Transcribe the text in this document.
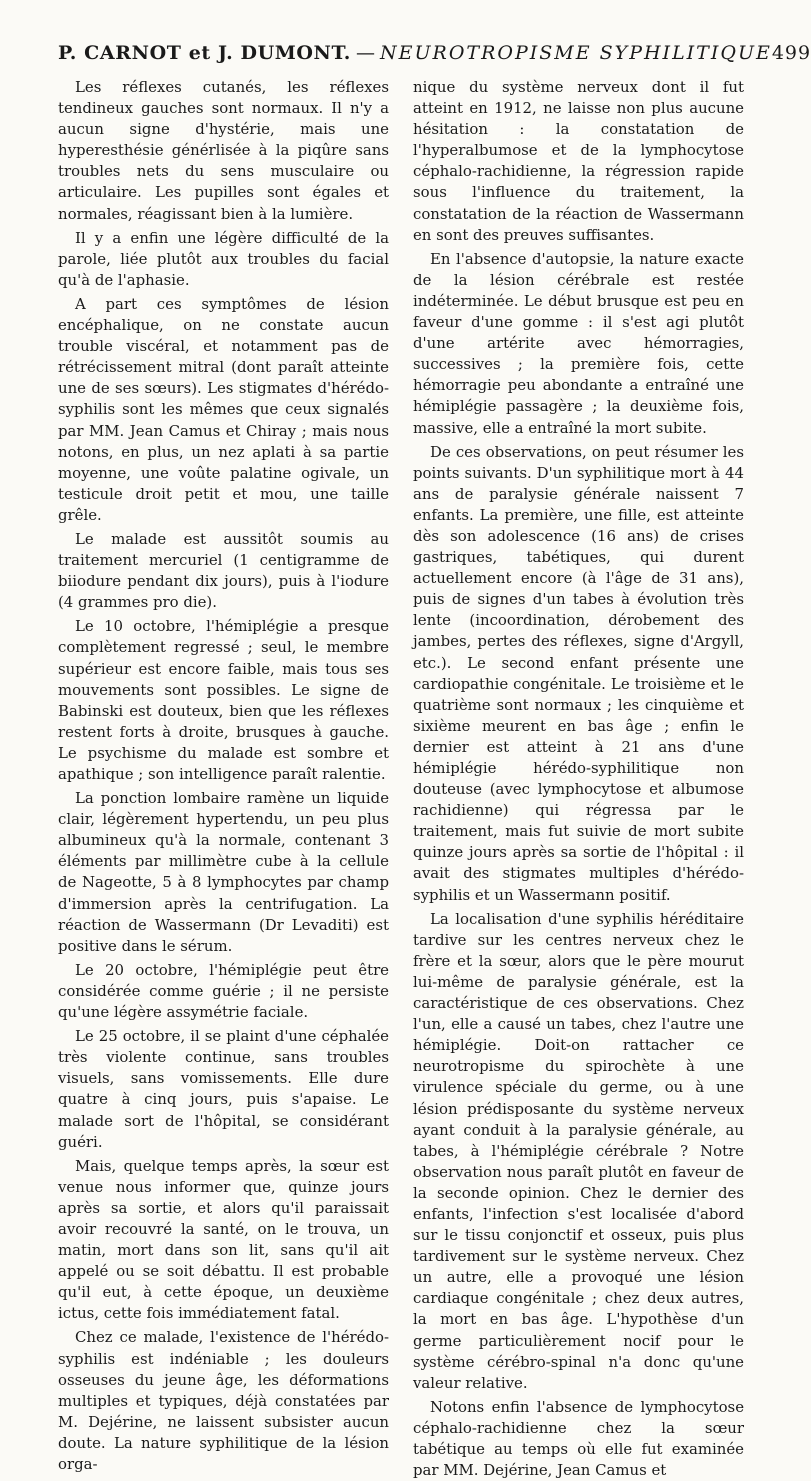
P. CARNOT et J. DUMONT. — NEUROTROPISME SYPHILITIQUE 499

Les réflexes cutanés, les réflexes tendineux gauches sont normaux. Il n'y a aucun signe d'hystérie, mais une hyperesthésie générlisée à la piqûre sans troubles nets du sens musculaire ou articulaire. Les pupilles sont égales et normales, réagissant bien à la lumière.

Il y a enfin une légère difficulté de la parole, liée plutôt aux troubles du facial qu'à de l'aphasie.

A part ces symptômes de lésion encéphalique, on ne constate aucun trouble viscéral, et notamment pas de rétrécissement mitral (dont paraît atteinte une de ses sœurs). Les stigmates d'hérédo-syphilis sont les mêmes que ceux signalés par MM. Jean Camus et Chiray ; mais nous notons, en plus, un nez aplati à sa partie moyenne, une voûte palatine ogivale, un testicule droit petit et mou, une taille grêle.

Le malade est aussitôt soumis au traitement mercuriel (1 centigramme de biiodure pendant dix jours), puis à l'iodure (4 grammes pro die).

Le 10 octobre, l'hémiplégie a presque complètement regressé ; seul, le membre supérieur est encore faible, mais tous ses mouvements sont possibles. Le signe de Babinski est douteux, bien que les réflexes restent forts à droite, brusques à gauche. Le psychisme du malade est sombre et apathique ; son intelligence paraît ralentie.

La ponction lombaire ramène un liquide clair, légèrement hypertendu, un peu plus albumineux qu'à la normale, contenant 3 éléments par millimètre cube à la cellule de Nageotte, 5 à 8 lymphocytes par champ d'immersion après la centrifugation. La réaction de Wassermann (Dr Levaditi) est positive dans le sérum.

Le 20 octobre, l'hémiplégie peut être considérée comme guérie ; il ne persiste qu'une légère assymétrie faciale.

Le 25 octobre, il se plaint d'une céphalée très violente continue, sans troubles visuels, sans vomissements. Elle dure quatre à cinq jours, puis s'apaise. Le malade sort de l'hôpital, se considérant guéri.

Mais, quelque temps après, la sœur est venue nous informer que, quinze jours après sa sortie, et alors qu'il paraissait avoir recouvré la santé, on le trouva, un matin, mort dans son lit, sans qu'il ait appelé ou se soit débattu. Il est probable qu'il eut, à cette époque, un deuxième ictus, cette fois immédiatement fatal.

Chez ce malade, l'existence de l'hérédo-syphilis est indéniable ; les douleurs osseuses du jeune âge, les déformations multiples et typiques, déjà constatées par M. Dejérine, ne laissent subsister aucun doute. La nature syphilitique de la lésion orga-

nique du système nerveux dont il fut atteint en 1912, ne laisse non plus aucune hésitation : la constatation de l'hyperalbumose et de la lymphocytose céphalo-rachidienne, la régression rapide sous l'influence du traitement, la constatation de la réaction de Wassermann en sont des preuves suffisantes.

En l'absence d'autopsie, la nature exacte de la lésion cérébrale est restée indéterminée. Le début brusque est peu en faveur d'une gomme : il s'est agi plutôt d'une artérite avec hémorragies, successives ; la première fois, cette hémorragie peu abondante a entraîné une hémiplégie passagère ; la deuxième fois, massive, elle a entraîné la mort subite.

De ces observations, on peut résumer les points suivants. D'un syphilitique mort à 44 ans de paralysie générale naissent 7 enfants. La première, une fille, est atteinte dès son adolescence (16 ans) de crises gastriques, tabétiques, qui durent actuellement encore (à l'âge de 31 ans), puis de signes d'un tabes à évolution très lente (incoordination, dérobement des jambes, pertes des réflexes, signe d'Argyll, etc.). Le second enfant présente une cardiopathie congénitale. Le troisième et le quatrième sont normaux ; les cinquième et sixième meurent en bas âge ; enfin le dernier est atteint à 21 ans d'une hémiplégie hérédo-syphilitique non douteuse (avec lymphocytose et albumose rachidienne) qui régressa par le traitement, mais fut suivie de mort subite quinze jours après sa sortie de l'hôpital : il avait des stigmates multiples d'hérédo-syphilis et un Wassermann positif.

La localisation d'une syphilis héréditaire tardive sur les centres nerveux chez le frère et la sœur, alors que le père mourut lui-même de paralysie générale, est la caractéristique de ces observations. Chez l'un, elle a causé un tabes, chez l'autre une hémiplégie. Doit-on rattacher ce neurotropisme du spirochète à une virulence spéciale du germe, ou à une lésion prédisposante du système nerveux ayant conduit à la paralysie générale, au tabes, à l'hémiplégie cérébrale ? Notre observation nous paraît plutôt en faveur de la seconde opinion. Chez le dernier des enfants, l'infection s'est localisée d'abord sur le tissu conjonctif et osseux, puis plus tardivement sur le système nerveux. Chez un autre, elle a provoqué une lésion cardiaque congénitale ; chez deux autres, la mort en bas âge. L'hypothèse d'un germe particulièrement nocif pour le système cérébro-spinal n'a donc qu'une valeur relative.

Notons enfin l'absence de lymphocytose céphalo-rachidienne chez la sœur tabétique au temps où elle fut examinée par MM. Dejérine, Jean Camus et
